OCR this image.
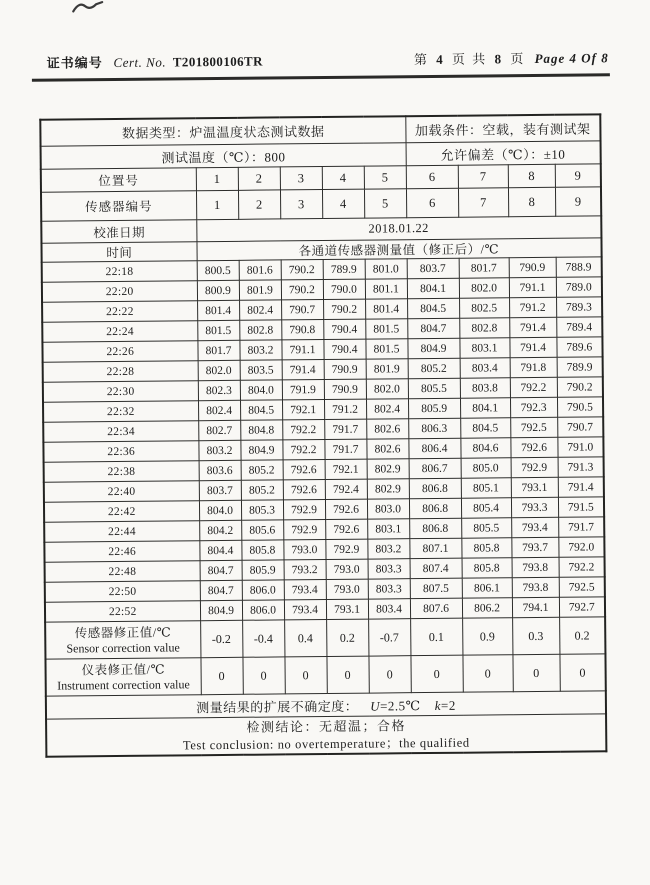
证书编号 Cert. No. T201800106TR	第 4 页 共 8 页 Page 4 Of 8
数据类型：炉温温度状态测试数据						加载条件：空载，装有测试架			
测试温度（℃）：800						允许偏差（℃）：±10			
位置号	1	2	3	4	5	6	7	8	9
传感器编号	1	2	3	4	5	6	7	8	9
校准日期	2018.01.22								
时间	各通道传感器测量值（修正后）/℃								
22:18	800.5	801.6	790.2	789.9	801.0	803.7	801.7	790.9	788.9
22:20	800.9	801.9	790.2	790.0	801.1	804.1	802.0	791.1	789.0
22:22	801.4	802.4	790.7	790.2	801.4	804.5	802.5	791.2	789.3
22:24	801.5	802.8	790.8	790.4	801.5	804.7	802.8	791.4	789.4
22:26	801.7	803.2	791.1	790.4	801.5	804.9	803.1	791.4	789.6
22:28	802.0	803.5	791.4	790.9	801.9	805.2	803.4	791.8	789.9
22:30	802.3	804.0	791.9	790.9	802.0	805.5	803.8	792.2	790.2
22:32	802.4	804.5	792.1	791.2	802.4	805.9	804.1	792.3	790.5
22:34	802.7	804.8	792.2	791.7	802.6	806.3	804.5	792.5	790.7
22:36	803.2	804.9	792.2	791.7	802.6	806.4	804.6	792.6	791.0
22:38	803.6	805.2	792.6	792.1	802.9	806.7	805.0	792.9	791.3
22:40	803.7	805.2	792.6	792.4	802.9	806.8	805.1	793.1	791.4
22:42	804.0	805.3	792.9	792.6	803.0	806.8	805.4	793.3	791.5
22:44	804.2	805.6	792.9	792.6	803.1	806.8	805.5	793.4	791.7
22:46	804.4	805.8	793.0	792.9	803.2	807.1	805.8	793.7	792.0
22:48	804.7	805.9	793.2	793.0	803.3	807.4	805.8	793.8	792.2
22:50	804.7	806.0	793.4	793.0	803.3	807.5	806.1	793.8	792.5
22:52	804.9	806.0	793.4	793.1	803.4	807.6	806.2	794.1	792.7

传感器修正值/℃
Sensor correction value	-0.2	-0.4	0.4	0.2	-0.7	0.1	0.9	0.3	0.2

仪表修正值/℃
Instrument correction value	0	0	0	0	0	0	0	0	0
测量结果的扩展不确定度： U=2.5℃ k=2									

检测结论：无超温；合格
Test conclusion: no overtemperature；the qualified									
